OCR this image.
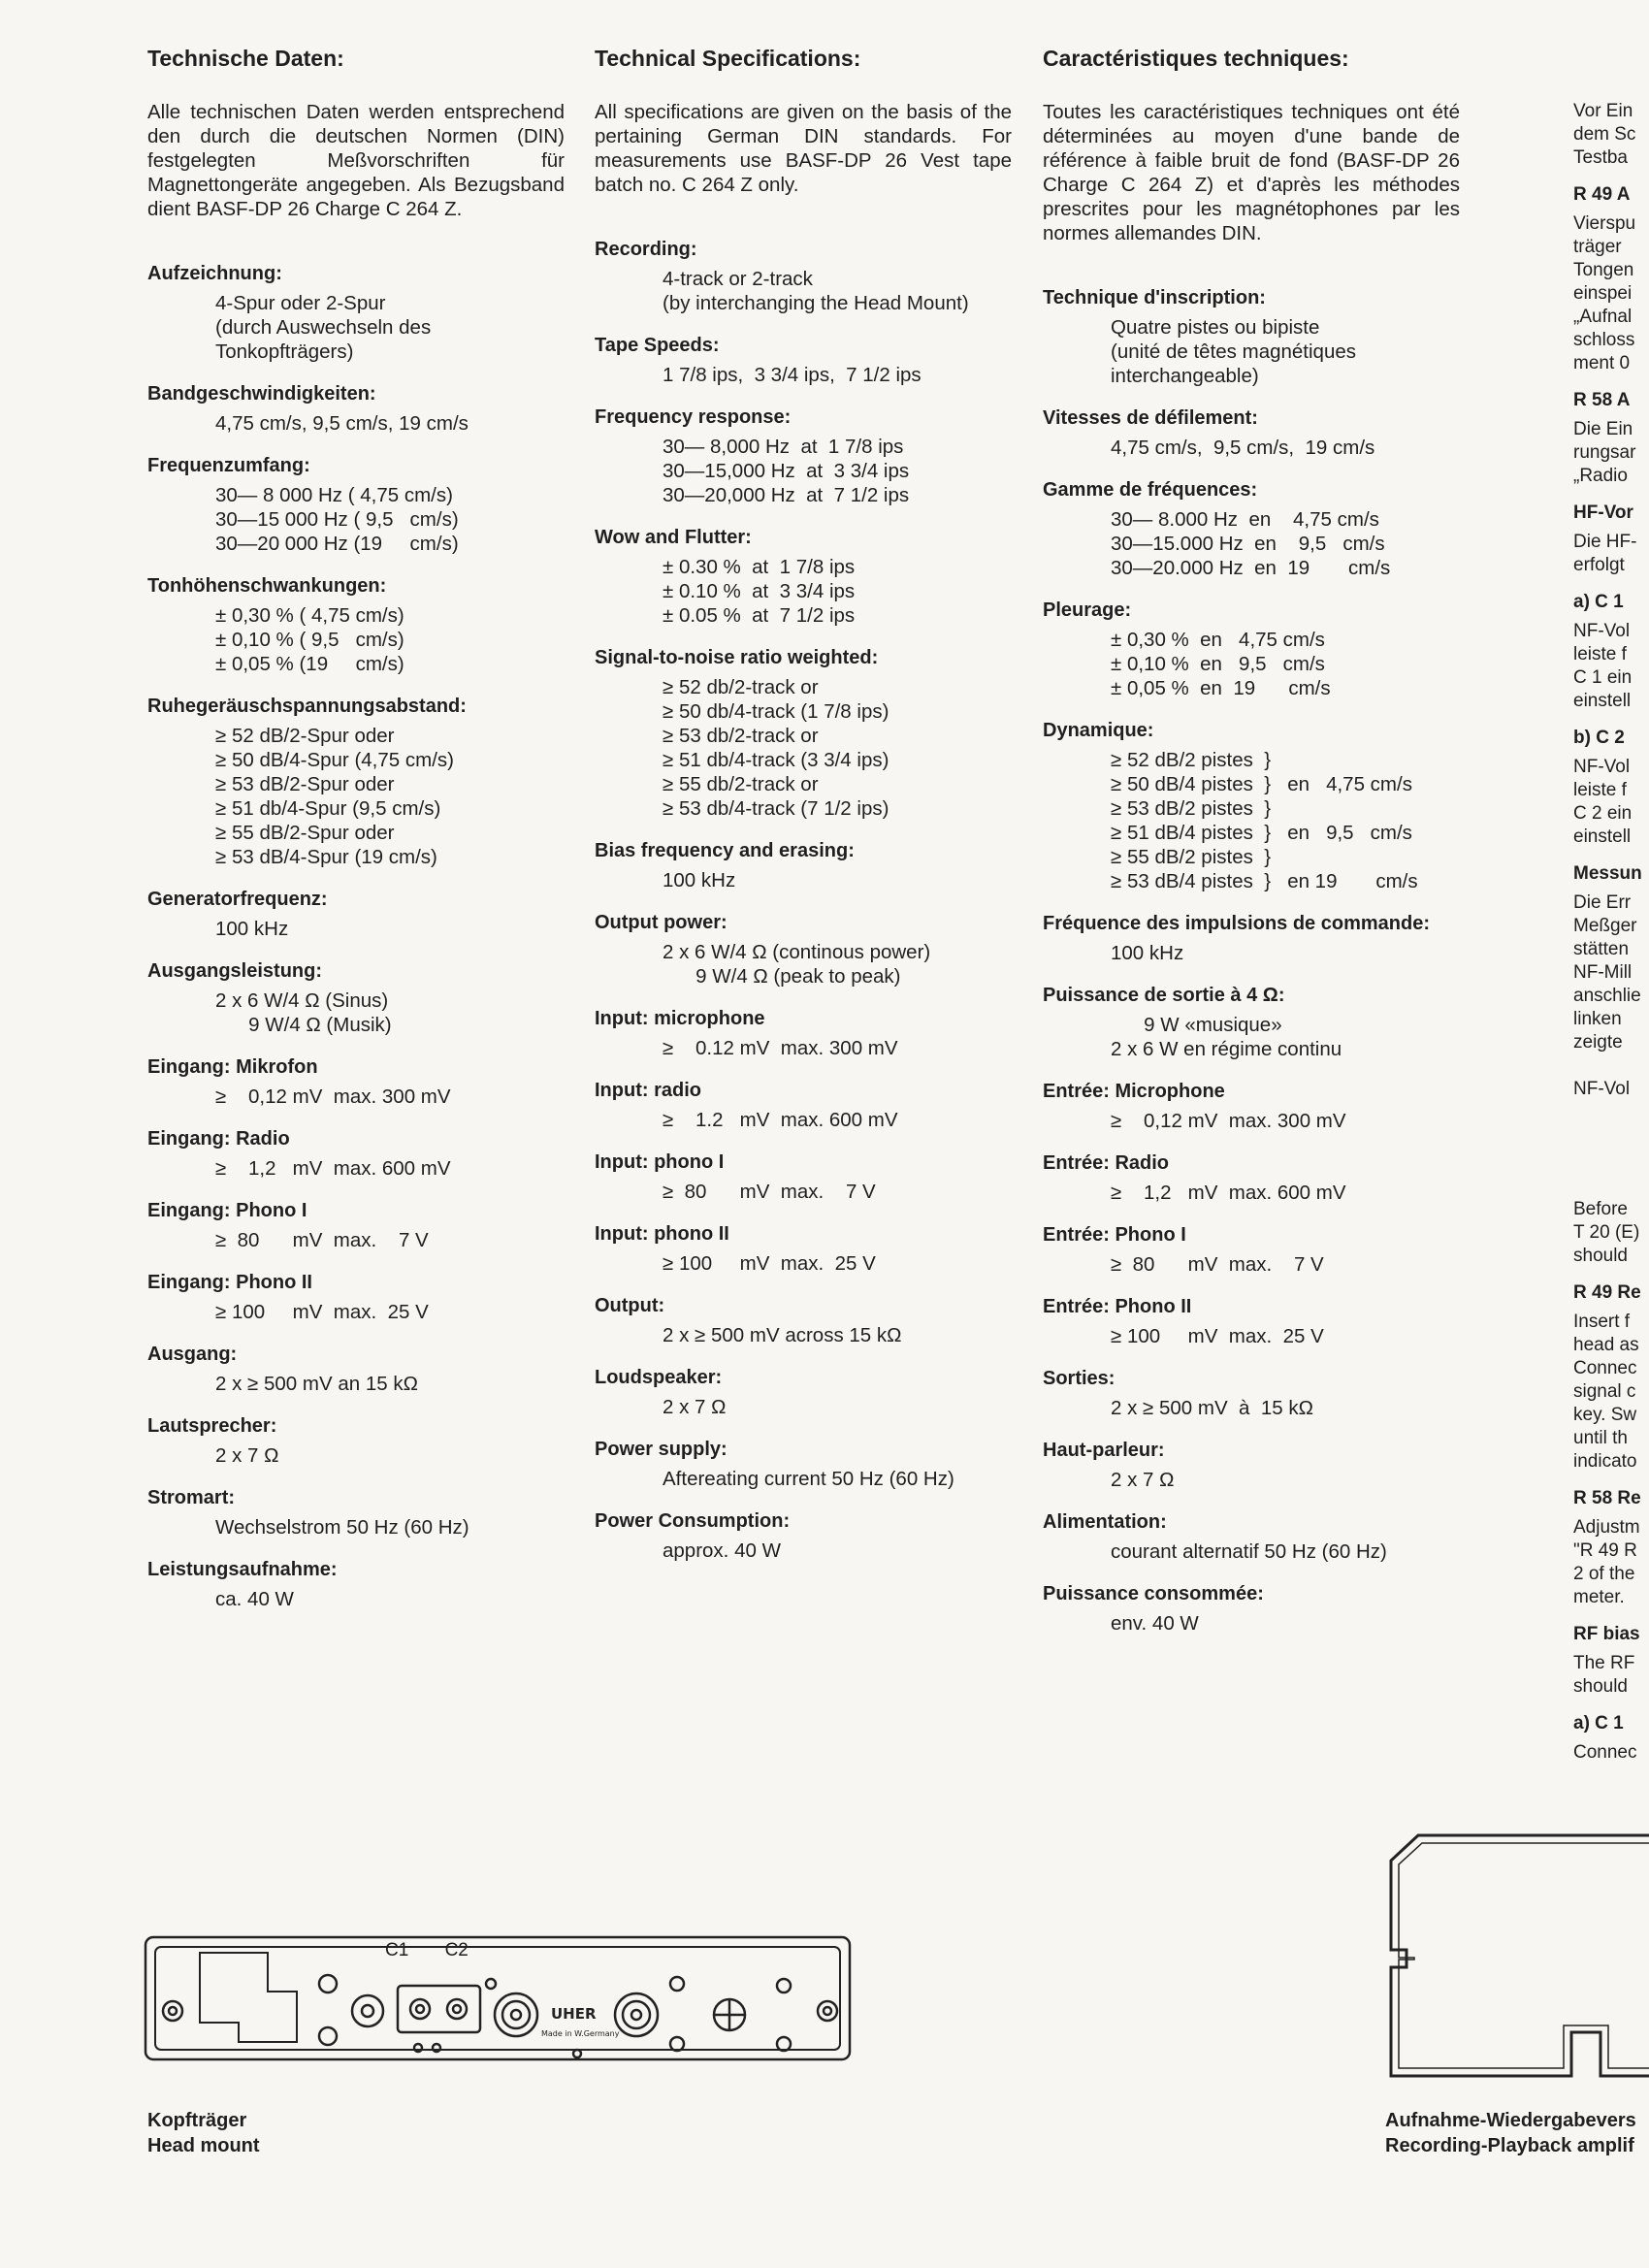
Technische Daten:

Alle technischen Daten werden entsprechend den durch die deutschen Normen (DIN) festgelegten Meßvorschriften für Magnettongeräte angegeben. Als Bezugsband dient BASF-DP 26 Charge C 264 Z.

Aufzeichnung:
4-Spur oder 2-Spur
(durch Auswechseln des
Tonkopfträgers)
Bandgeschwindigkeiten:
4,75 cm/s, 9,5 cm/s, 19 cm/s
Frequenzumfang:
30— 8 000 Hz ( 4,75 cm/s)
30—15 000 Hz ( 9,5   cm/s)
30—20 000 Hz (19     cm/s)
Tonhöhenschwankungen:
± 0,30 % ( 4,75 cm/s)
± 0,10 % ( 9,5   cm/s)
± 0,05 % (19     cm/s)
Ruhegeräuschspannungsabstand:
≥ 52 dB/2-Spur oder
≥ 50 dB/4-Spur (4,75 cm/s)
≥ 53 dB/2-Spur oder
≥ 51 db/4-Spur (9,5 cm/s)
≥ 55 dB/2-Spur oder
≥ 53 dB/4-Spur (19 cm/s)
Generatorfrequenz:
100 kHz
Ausgangsleistung:
2 x 6 W/4 Ω (Sinus)
9 W/4 Ω (Musik)
Eingang: Mikrofon
≥    0,12 mV  max. 300 mV
Eingang: Radio
≥    1,2   mV  max. 600 mV
Eingang: Phono I
≥  80      mV  max.    7 V
Eingang: Phono II
≥ 100     mV  max.  25 V
Ausgang:
2 x ≥ 500 mV an 15 kΩ
Lautsprecher:
2 x 7 Ω
Stromart:
Wechselstrom 50 Hz (60 Hz)
Leistungsaufnahme:
ca. 40 W
Technical Specifications:

All specifications are given on the basis of the pertaining German DIN standards. For measurements use BASF-DP 26 Vest tape batch no. C 264 Z only.

Recording:
4-track or 2-track
(by interchanging the Head Mount)
Tape Speeds:
1 7/8 ips,  3 3/4 ips,  7 1/2 ips
Frequency response:
30— 8,000 Hz  at  1 7/8 ips
30—15,000 Hz  at  3 3/4 ips
30—20,000 Hz  at  7 1/2 ips
Wow and Flutter:
± 0.30 %  at  1 7/8 ips
± 0.10 %  at  3 3/4 ips
± 0.05 %  at  7 1/2 ips
Signal-to-noise ratio weighted:
≥ 52 db/2-track or
≥ 50 db/4-track (1 7/8 ips)
≥ 53 db/2-track or
≥ 51 db/4-track (3 3/4 ips)
≥ 55 db/2-track or
≥ 53 db/4-track (7 1/2 ips)
Bias frequency and erasing:
100 kHz
Output power:
2 x 6 W/4 Ω (continous power)
9 W/4 Ω (peak to peak)
Input: microphone
≥    0.12 mV  max. 300 mV
Input: radio
≥    1.2   mV  max. 600 mV
Input: phono I
≥  80      mV  max.    7 V
Input: phono II
≥ 100     mV  max.  25 V
Output:
2 x ≥ 500 mV across 15 kΩ
Loudspeaker:
2 x 7 Ω
Power supply:
Aftereating current 50 Hz (60 Hz)
Power Consumption:
approx. 40 W
Caractéristiques techniques:

Toutes les caractéristiques techniques ont été déterminées au moyen d'une bande de référence à faible bruit de fond (BASF-DP 26 Charge C 264 Z) et d'après les méthodes prescrites pour les magnétophones par les normes allemandes DIN.

Technique d'inscription:
Quatre pistes ou bipiste
(unité de têtes magnétiques
interchangeable)
Vitesses de défilement:
4,75 cm/s,  9,5 cm/s,  19 cm/s
Gamme de fréquences:
30— 8.000 Hz  en    4,75 cm/s
30—15.000 Hz  en    9,5   cm/s
30—20.000 Hz  en  19       cm/s
Pleurage:
± 0,30 %  en   4,75 cm/s
± 0,10 %  en   9,5   cm/s
± 0,05 %  en  19      cm/s
Dynamique:
≥ 52 dB/2 pistes  }
≥ 50 dB/4 pistes  }   en   4,75 cm/s
≥ 53 dB/2 pistes  }
≥ 51 dB/4 pistes  }   en   9,5   cm/s
≥ 55 dB/2 pistes  }
≥ 53 dB/4 pistes  }   en 19       cm/s
Fréquence des impulsions de commande:
100 kHz
Puissance de sortie à 4 Ω:
9 W «musique»
2 x 6 W en régime continu
Entrée: Microphone
≥    0,12 mV  max. 300 mV
Entrée: Radio
≥    1,2   mV  max. 600 mV
Entrée: Phono I
≥  80      mV  max.    7 V
Entrée: Phono II
≥ 100     mV  max.  25 V
Sorties:
2 x ≥ 500 mV  à  15 kΩ
Haut-parleur:
2 x 7 Ω
Alimentation:
courant alternatif 50 Hz (60 Hz)
Puissance consommée:
env. 40 W
Vor Ein
dem Sc
Testba
R 49 A
Vierspu
träger
Tongen
einspei
„Aufnal
schloss
ment 0
R 58 A
Die Ein
rungsar
„Radio
HF-Vor
Die HF-
erfolgt
a) C 1
NF-Vol
leiste f
C 1 ein
einstell
b) C 2
NF-Vol
leiste f
C 2 ein
einstell
Messun
Die Err
Meßger
stätten
NF-Mill
anschlie
linken
zeigte
NF-Vol
Before
T 20 (E)
should
R 49 Re
Insert f
head as
Connec
signal c
key. Sw
until th
indicato
R 58 Re
Adjustm
"R 49 R
2 of the
meter.
RF bias
The RF
should
a) C 1
Connec
C1 C2
UHER
Made in W.Germany
Kopfträger
Head mount
Aufnahme-Wiedergabevers
Recording-Playback amplif
